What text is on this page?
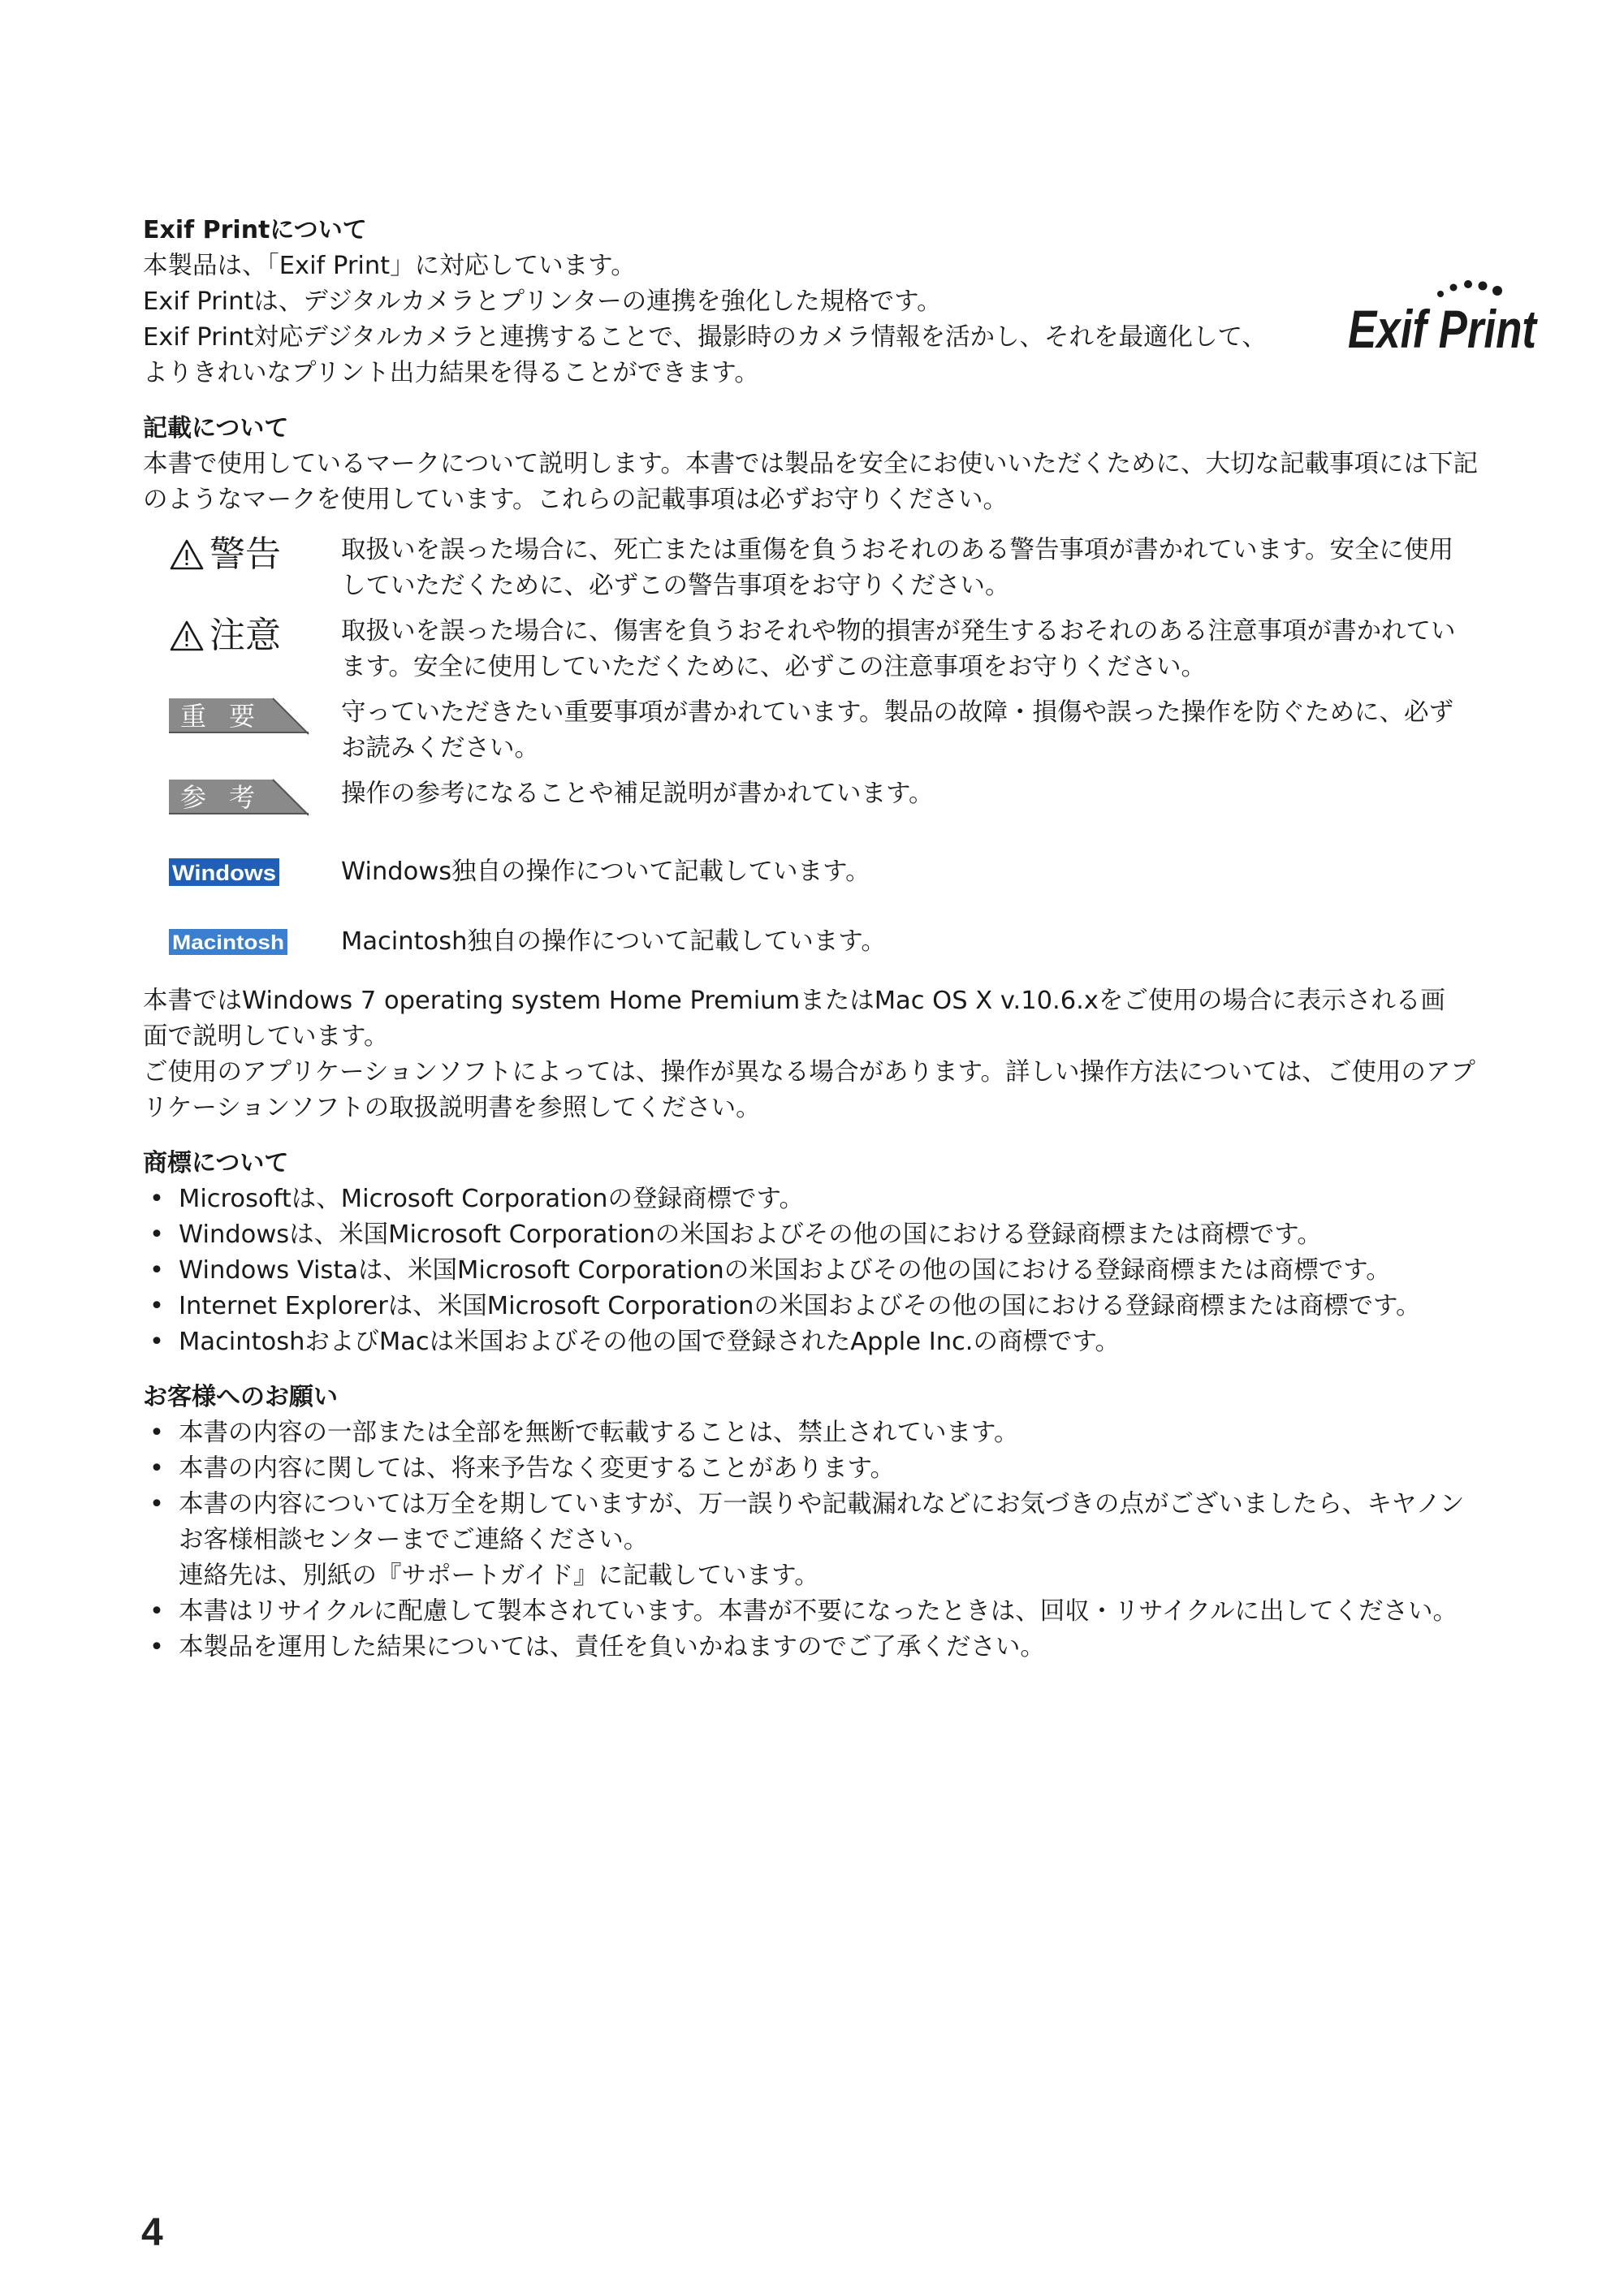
Exif Printについて

本製品は、「Exif Print」に対応しています。

Exif Printは、デジタルカメラとプリンターの連携を強化した規格です。

Exif Print対応デジタルカメラと連携することで、撮影時のカメラ情報を活かし、それを最適化して、

よりきれいなプリント出力結果を得ることができます。

Exif Print
記載について

本書で使用しているマークについて説明します。本書では製品を安全にお使いいただくために、大切な記載事項には下記

のようなマークを使用しています。これらの記載事項は必ずお守りください。

警告 取扱いを誤った場合に、死亡または重傷を負うおそれのある警告事項が書かれています。安全に使用

していただくために、必ずこの警告事項をお守りください。

注意 取扱いを誤った場合に、傷害を負うおそれや物的損害が発生するおそれのある注意事項が書かれてい

ます。安全に使用していただくために、必ずこの注意事項をお守りください。

重要	守っていただきたい重要事項が書かれています。製品の故障・損傷や誤った操作を防ぐために、必ず

お読みください。

参考	操作の参考になることや補足説明が書かれています。

Windows	Windows独自の操作について記載しています。

Macintosh Macintosh独自の操作について記載しています。

本書ではWindows 7 operating system Home PremiumまたはMac OS X v.10.6.xをご使用の場合に表示される画

面で説明しています。

ご使用のアプリケーションソフトによっては、操作が異なる場合があります。詳しい操作方法については、ご使用のアプ

リケーションソフトの取扱説明書を参照してください。

商標について
• Microsoftは、Microsoft Corporationの登録商標です。
• Windowsは、米国Microsoft Corporationの米国およびその他の国における登録商標または商標です。
• Windows Vistaは、米国Microsoft Corporationの米国およびその他の国における登録商標または商標です。
• Internet Explorerは、米国Microsoft Corporationの米国およびその他の国における登録商標または商標です。
• MacintoshおよびMacは米国およびその他の国で登録されたApple Inc.の商標です。
お客様へのお願い
• 本書の内容の一部または全部を無断で転載することは、禁止されています。
• 本書の内容に関しては、将来予告なく変更することがあります。
• 本書の内容については万全を期していますが、万一誤りや記載漏れなどにお気づきの点がございましたら、キヤノン
お客様相談センターまでご連絡ください。
連絡先は、別紙の『サポートガイド』に記載しています。
• 本書はリサイクルに配慮して製本されています。本書が不要になったときは、回収・リサイクルに出してください。
• 本製品を運用した結果については、責任を負いかねますのでご了承ください。
4
